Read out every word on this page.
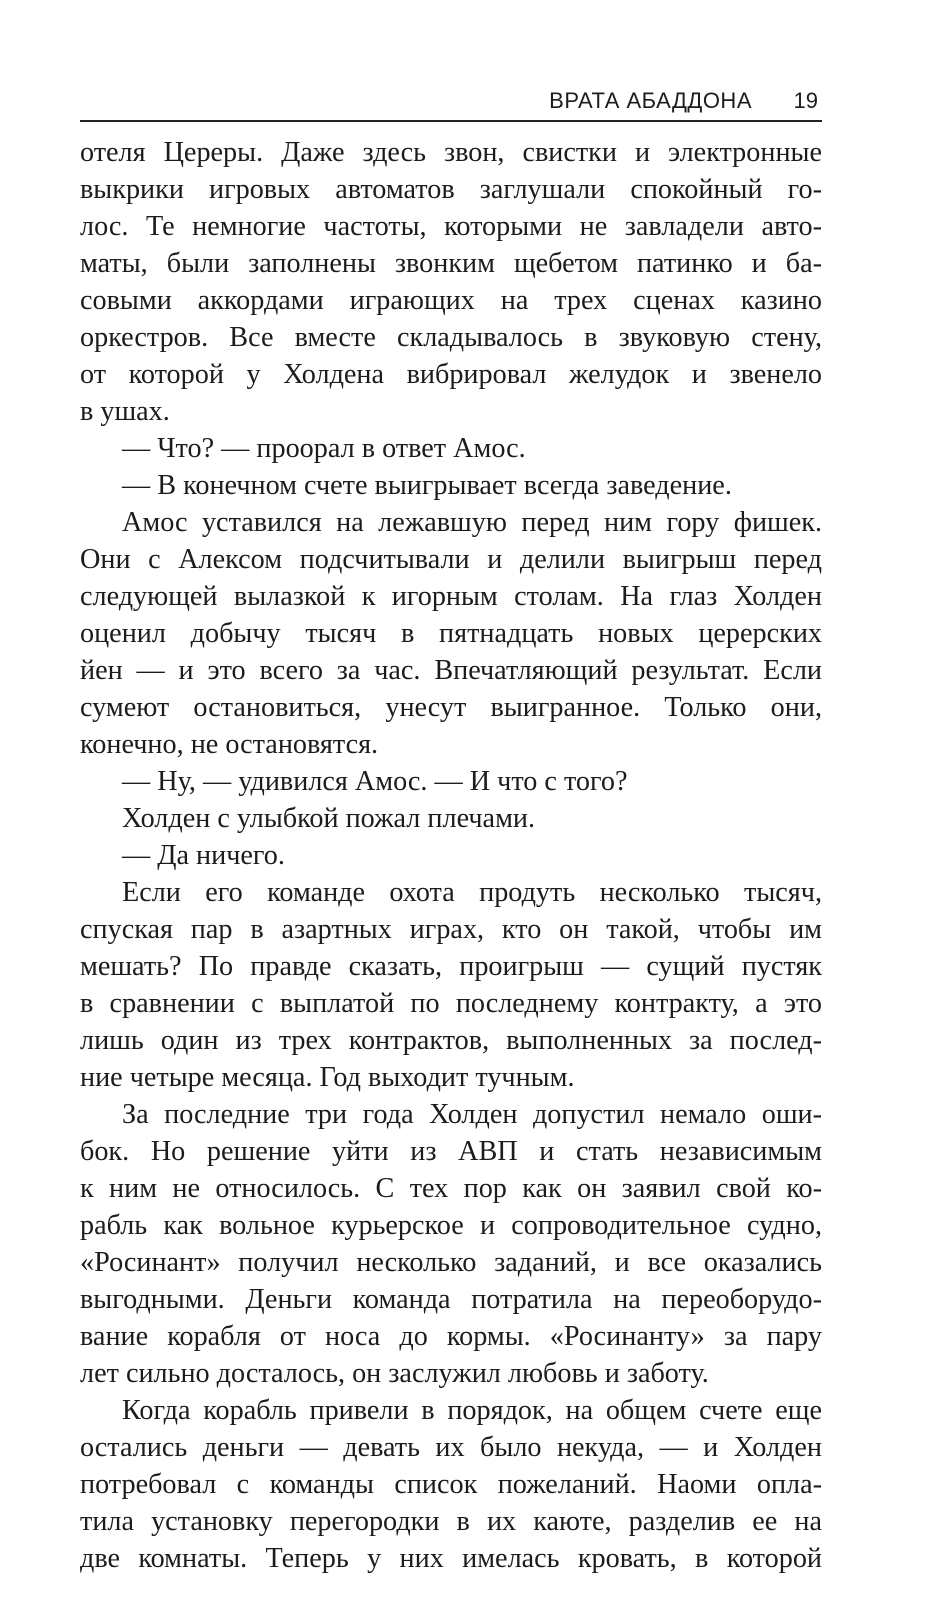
ВРАТА АБАДДОНА 19
отеля Цереры. Даже здесь звон, свистки и электронные
выкрики игровых автоматов заглушали спокойный го-
лос. Те немногие частоты, которыми не завладели авто-
маты, были заполнены звонким щебетом патинко и ба-
совыми аккордами играющих на трех сценах казино
оркестров. Все вместе складывалось в звуковую стену,
от которой у Холдена вибрировал желудок и звенело
в ушах.
— Что? — проорал в ответ Амос.
— В конечном счете выигрывает всегда заведение.
Амос уставился на лежавшую перед ним гору фишек.
Они с Алексом подсчитывали и делили выигрыш перед
следующей вылазкой к игорным столам. На глаз Холден
оценил добычу тысяч в пятнадцать новых церерских
йен — и это всего за час. Впечатляющий результат. Если
сумеют остановиться, унесут выигранное. Только они,
конечно, не остановятся.
— Ну, — удивился Амос. — И что с того?
Холден с улыбкой пожал плечами.
— Да ничего.
Если его команде охота продуть несколько тысяч,
спуская пар в азартных играх, кто он такой, чтобы им
мешать? По правде сказать, проигрыш — сущий пустяк
в сравнении с выплатой по последнему контракту, а это
лишь один из трех контрактов, выполненных за послед-
ние четыре месяца. Год выходит тучным.
За последние три года Холден допустил немало оши-
бок. Но решение уйти из АВП и стать независимым
к ним не относилось. С тех пор как он заявил свой ко-
рабль как вольное курьерское и сопроводительное судно,
«Росинант» получил несколько заданий, и все оказались
выгодными. Деньги команда потратила на переоборудо-
вание корабля от носа до кормы. «Росинанту» за пару
лет сильно досталось, он заслужил любовь и заботу.
Когда корабль привели в порядок, на общем счете еще
остались деньги — девать их было некуда, — и Холден
потребовал с команды список пожеланий. Наоми опла-
тила установку перегородки в их каюте, разделив ее на
две комнаты. Теперь у них имелась кровать, в которой
